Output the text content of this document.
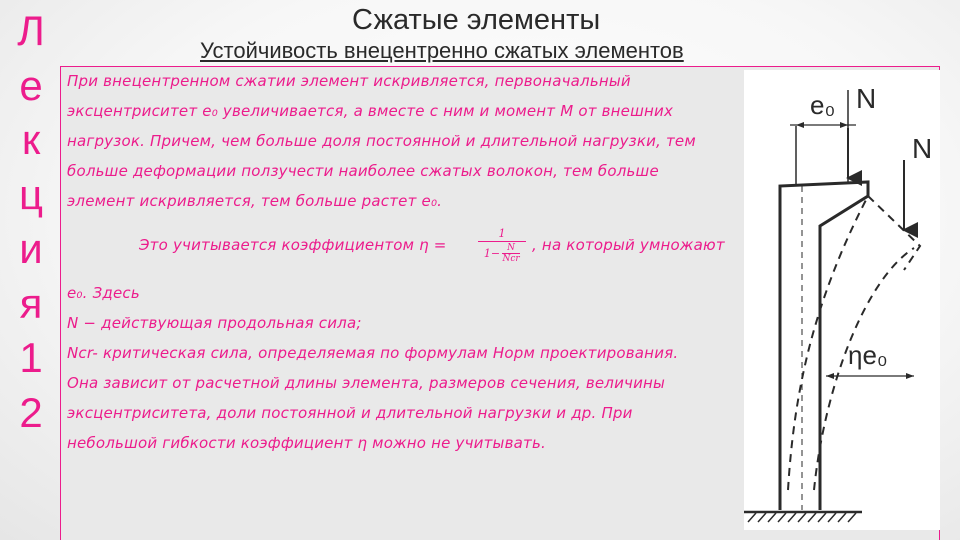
Л
е
к
ц
и
я
1
2
Сжатые элементы
Устойчивость внецентренно сжатых элементов

При внецентренном сжатии элемент искривляется, первоначальный

эксцентриситет e₀ увеличивается, а вместе с ним и момент M от внешних

нагрузок. Причем, чем больше доля постоянной и длительной нагрузки, тем

больше деформации ползучести наиболее сжатых волокон, тем больше

элемент искривляется, тем больше растет e₀.

Это учитывается коэффициентом η =

1
1− N
Ncr

, на который умножают

e₀. Здесь

N − действующая продольная сила;

Ncr- критическая сила, определяемая по формулам Норм проектирования.

Она зависит от расчетной длины элемента, размеров сечения, величины

эксцентриситета, доли постоянной и длительной нагрузки и др. При

небольшой гибкости коэффициент η можно не учитывать.

e₀ N
N
ηe₀
